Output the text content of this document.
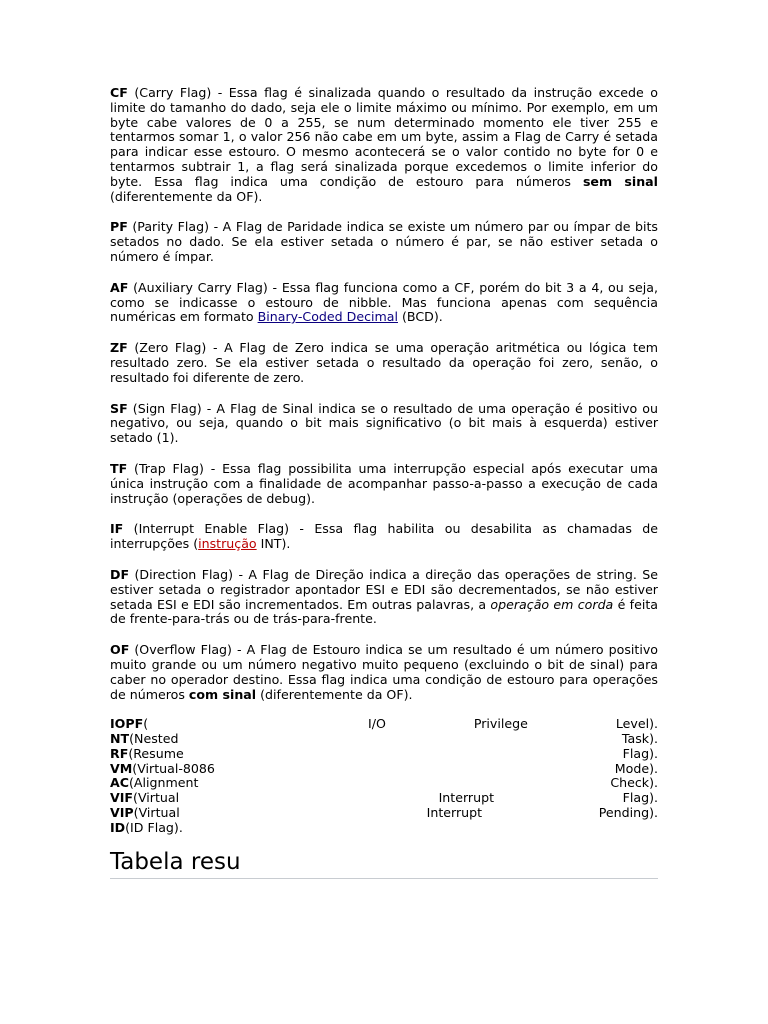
CF (Carry Flag) - Essa flag é sinalizada quando o resultado da instrução excede o limite do tamanho do dado, seja ele o limite máximo ou mínimo. Por exemplo, em um byte cabe valores de 0 a 255, se num determinado momento ele tiver 255 e tentarmos somar 1, o valor 256 não cabe em um byte, assim a Flag de Carry é setada para indicar esse estouro. O mesmo acontecerá se o valor contido no byte for 0 e tentarmos subtrair 1, a flag será sinalizada porque excedemos o limite inferior do byte. Essa flag indica uma condição de estouro para números sem sinal (diferentemente da OF).

PF (Parity Flag) - A Flag de Paridade indica se existe um número par ou ímpar de bits setados no dado. Se ela estiver setada o número é par, se não estiver setada o número é ímpar.

AF (Auxiliary Carry Flag) - Essa flag funciona como a CF, porém do bit 3 a 4, ou seja, como se indicasse o estouro de nibble. Mas funciona apenas com sequência numéricas em formato Binary-Coded Decimal (BCD).

ZF (Zero Flag) - A Flag de Zero indica se uma operação aritmética ou lógica tem resultado zero. Se ela estiver setada o resultado da operação foi zero, senão, o resultado foi diferente de zero.

SF (Sign Flag) - A Flag de Sinal indica se o resultado de uma operação é positivo ou negativo, ou seja, quando o bit mais significativo (o bit mais à esquerda) estiver setado (1).

TF (Trap Flag) - Essa flag possibilita uma interrupção especial após executar uma única instrução com a finalidade de acompanhar passo-a-passo a execução de cada instrução (operações de debug).

IF (Interrupt Enable Flag) - Essa flag habilita ou desabilita as chamadas de interrupções (instrução INT).

DF (Direction Flag) - A Flag de Direção indica a direção das operações de string. Se estiver setada o registrador apontador ESI e EDI são decrementados, se não estiver setada ESI e EDI são incrementados. Em outras palavras, a operação em corda é feita de frente-para-trás ou de trás-para-frente.

OF (Overflow Flag) - A Flag de Estouro indica se um resultado é um número positivo muito grande ou um número negativo muito pequeno (excluindo o bit de sinal) para caber no operador destino. Essa flag indica uma condição de estouro para operações de números com sinal (diferentemente da OF).

IOPF(	I/O	Privilege	Level).
NT(Nested	Task).
RF(Resume	Flag).
VM(Virtual-8086	Mode).
AC(Alignment	Check).
VIF(Virtual	Interrupt	Flag).
VIP(Virtual	Interrupt	Pending).
ID(ID Flag).
Tabela resu
